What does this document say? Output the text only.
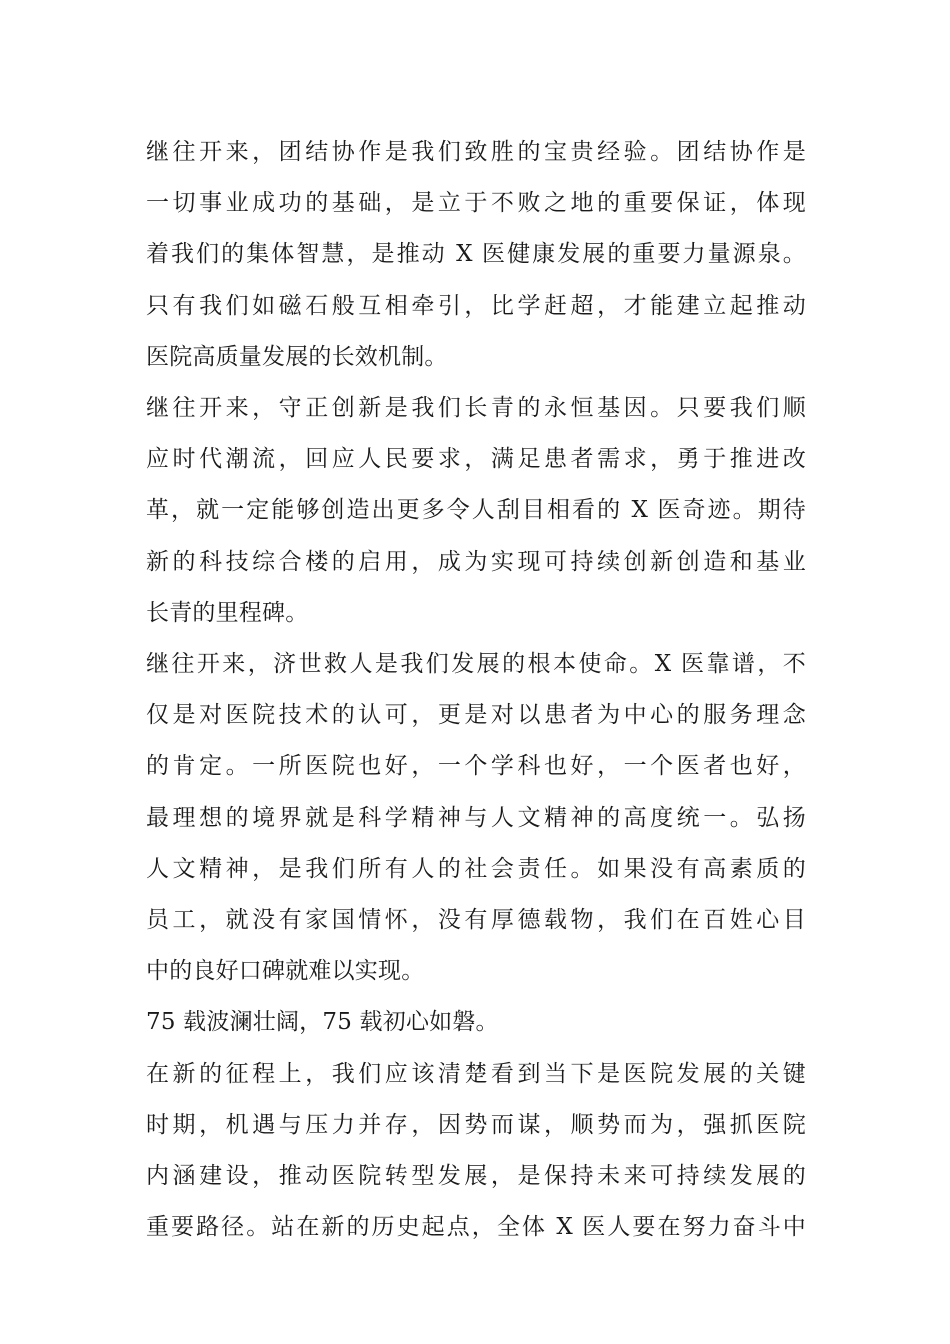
继往开来，团结协作是我们致胜的宝贵经验。团结协作是
一切事业成功的基础，是立于不败之地的重要保证，体现
着我们的集体智慧，是推动 X 医健康发展的重要力量源泉。
只有我们如磁石般互相牵引，比学赶超，才能建立起推动
医院高质量发展的长效机制。
继往开来，守正创新是我们长青的永恒基因。只要我们顺
应时代潮流，回应人民要求，满足患者需求，勇于推进改
革，就一定能够创造出更多令人刮目相看的 X 医奇迹。期待
新的科技综合楼的启用，成为实现可持续创新创造和基业
长青的里程碑。
继往开来，济世救人是我们发展的根本使命。X 医靠谱，不
仅是对医院技术的认可，更是对以患者为中心的服务理念
的肯定。一所医院也好，一个学科也好，一个医者也好，
最理想的境界就是科学精神与人文精神的高度统一。弘扬
人文精神，是我们所有人的社会责任。如果没有高素质的
员工，就没有家国情怀，没有厚德载物，我们在百姓心目
中的良好口碑就难以实现。
75 载波澜壮阔，75 载初心如磐。
在新的征程上，我们应该清楚看到当下是医院发展的关键
时期，机遇与压力并存，因势而谋，顺势而为，强抓医院
内涵建设，推动医院转型发展，是保持未来可持续发展的
重要路径。站在新的历史起点，全体 X 医人要在努力奋斗中
